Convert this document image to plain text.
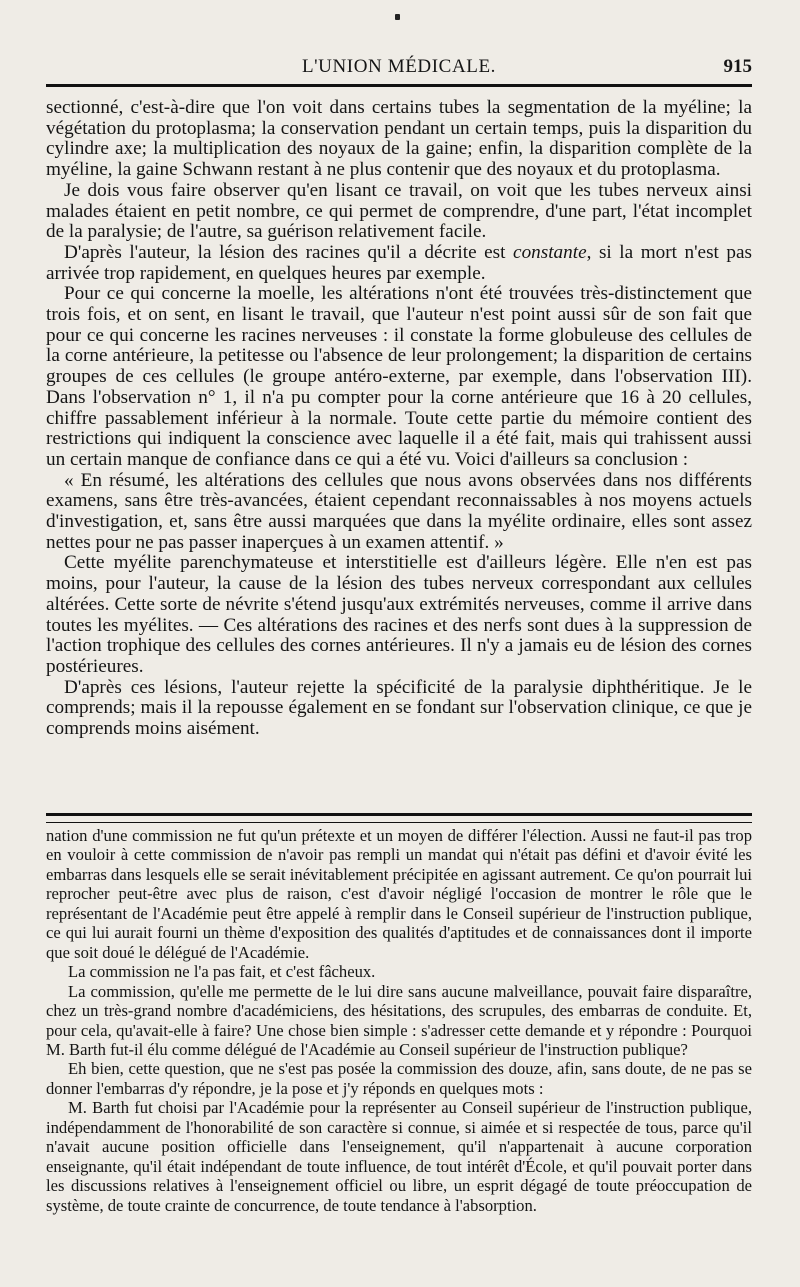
L'UNION MÉDICALE.	915

sectionné, c'est-à-dire que l'on voit dans certains tubes la segmentation de la myéline; la végétation du protoplasma; la conservation pendant un certain temps, puis la disparition du cylindre axe; la multiplication des noyaux de la gaine; enfin, la disparition complète de la myéline, la gaine Schwann restant à ne plus contenir que des noyaux et du protoplasma.

Je dois vous faire observer qu'en lisant ce travail, on voit que les tubes nerveux ainsi malades étaient en petit nombre, ce qui permet de comprendre, d'une part, l'état incomplet de la paralysie; de l'autre, sa guérison relativement facile.

D'après l'auteur, la lésion des racines qu'il a décrite est constante, si la mort n'est pas arrivée trop rapidement, en quelques heures par exemple.

Pour ce qui concerne la moelle, les altérations n'ont été trouvées très-distinctement que trois fois, et on sent, en lisant le travail, que l'auteur n'est point aussi sûr de son fait que pour ce qui concerne les racines nerveuses : il constate la forme globuleuse des cellules de la corne antérieure, la petitesse ou l'absence de leur prolongement; la disparition de certains groupes de ces cellules (le groupe antéro-externe, par exemple, dans l'observation III). Dans l'observation n° 1, il n'a pu compter pour la corne antérieure que 16 à 20 cellules, chiffre passablement inférieur à la normale. Toute cette partie du mémoire contient des restrictions qui indiquent la conscience avec laquelle il a été fait, mais qui trahissent aussi un certain manque de confiance dans ce qui a été vu. Voici d'ailleurs sa conclusion :

« En résumé, les altérations des cellules que nous avons observées dans nos différents examens, sans être très-avancées, étaient cependant reconnaissables à nos moyens actuels d'investigation, et, sans être aussi marquées que dans la myélite ordinaire, elles sont assez nettes pour ne pas passer inaperçues à un examen attentif. »

Cette myélite parenchymateuse et interstitielle est d'ailleurs légère. Elle n'en est pas moins, pour l'auteur, la cause de la lésion des tubes nerveux correspondant aux cellules altérées. Cette sorte de névrite s'étend jusqu'aux extrémités nerveuses, comme il arrive dans toutes les myélites. — Ces altérations des racines et des nerfs sont dues à la suppression de l'action trophique des cellules des cornes antérieures. Il n'y a jamais eu de lésion des cornes postérieures.

D'après ces lésions, l'auteur rejette la spécificité de la paralysie diphthéritique. Je le comprends; mais il la repousse également en se fondant sur l'observation clinique, ce que je comprends moins aisément.

nation d'une commission ne fut qu'un prétexte et un moyen de différer l'élection. Aussi ne faut-il pas trop en vouloir à cette commission de n'avoir pas rempli un mandat qui n'était pas défini et d'avoir évité les embarras dans lesquels elle se serait inévitablement précipitée en agissant autrement. Ce qu'on pourrait lui reprocher peut-être avec plus de raison, c'est d'avoir négligé l'occasion de montrer le rôle que le représentant de l'Académie peut être appelé à remplir dans le Conseil supérieur de l'instruction publique, ce qui lui aurait fourni un thème d'exposition des qualités d'aptitudes et de connaissances dont il importe que soit doué le délégué de l'Académie.

La commission ne l'a pas fait, et c'est fâcheux.

La commission, qu'elle me permette de le lui dire sans aucune malveillance, pouvait faire disparaître, chez un très-grand nombre d'académiciens, des hésitations, des scrupules, des embarras de conduite. Et, pour cela, qu'avait-elle à faire? Une chose bien simple : s'adresser cette demande et y répondre : Pourquoi M. Barth fut-il élu comme délégué de l'Académie au Conseil supérieur de l'instruction publique?

Eh bien, cette question, que ne s'est pas posée la commission des douze, afin, sans doute, de ne pas se donner l'embarras d'y répondre, je la pose et j'y réponds en quelques mots :

M. Barth fut choisi par l'Académie pour la représenter au Conseil supérieur de l'instruction publique, indépendamment de l'honorabilité de son caractère si connue, si aimée et si respectée de tous, parce qu'il n'avait aucune position officielle dans l'enseignement, qu'il n'appartenait à aucune corporation enseignante, qu'il était indépendant de toute influence, de tout intérêt d'École, et qu'il pouvait porter dans les discussions relatives à l'enseignement officiel ou libre, un esprit dégagé de toute préoccupation de système, de toute crainte de concurrence, de toute tendance à l'absorption.
